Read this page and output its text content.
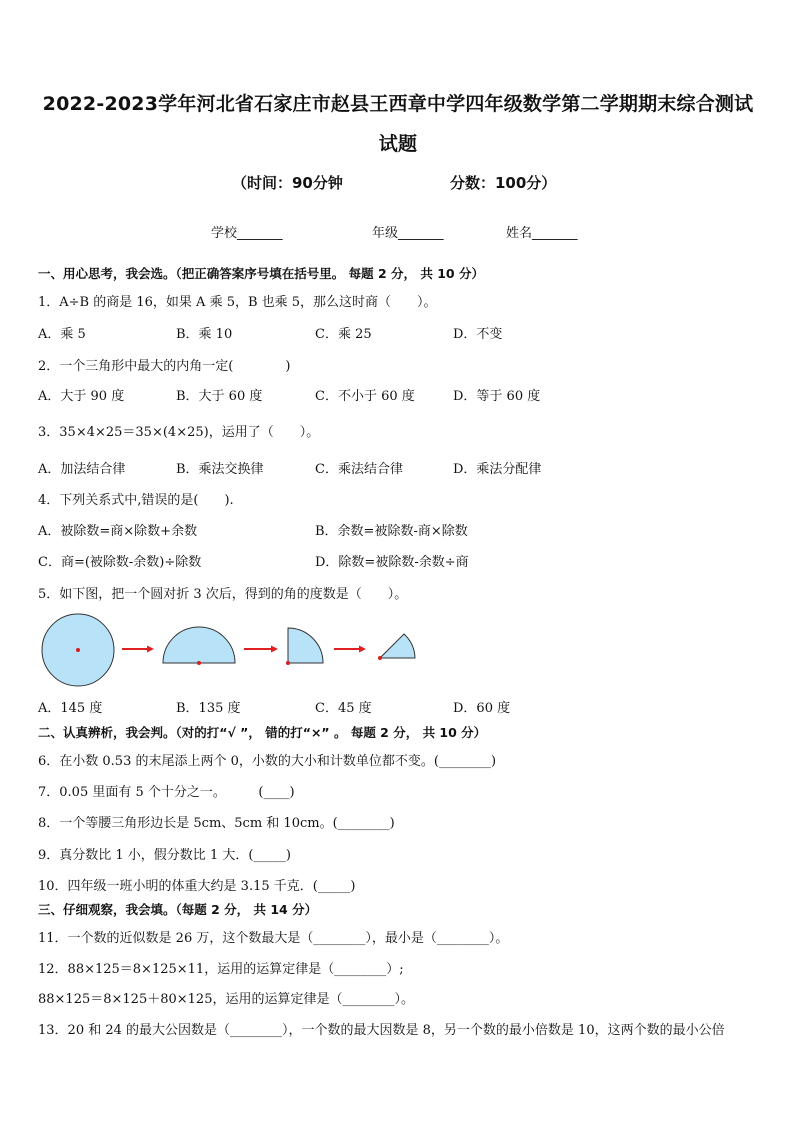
2022-2023学年河北省石家庄市赵县王西章中学四年级数学第二学期期末综合测试试题
（时间：90分钟	分数：100分）
学校_______	年级_______	姓名_______
一、用心思考，我会选。（把正确答案序号填在括号里。 每题 2 分， 共 10 分）
1．A÷B 的商是 16，如果 A 乘 5，B 也乘 5，那么这时商（　　）。
A．乘 5	B．乘 10	C．乘 25	D．不变
2．一个三角形中最大的内角一定(　　　　)
A．大于 90 度	B．大于 60 度	C．不小于 60 度	D．等于 60 度
3．35×4×25＝35×(4×25)，运用了（　　）。
A．加法结合律	B．乘法交换律	C．乘法结合律	D．乘法分配律
4．下列关系式中,错误的是(　　).
A．被除数=商×除数+余数	B．余数=被除数-商×除数
C．商=(被除数-余数)÷除数	D．除数=被除数-余数÷商
5．如下图，把一个圆对折 3 次后，得到的角的度数是（　　）。
A．145 度	B．135 度	C．45 度	D．60 度
二、认真辨析，我会判。（对的打“√ ”， 错的打“×” 。 每题 2 分， 共 10 分）
6．在小数 0.53 的末尾添上两个 0，小数的大小和计数单位都不变。(________)
7．0.05 里面有 5 个十分之一。　　　(____)
8．一个等腰三角形边长是 5cm、5cm 和 10cm。(________)
9．真分数比 1 小，假分数比 1 大．(_____)
10．四年级一班小明的体重大约是 3.15 千克．(_____)
三、仔细观察，我会填。（每题 2 分， 共 14 分）
11．一个数的近似数是 26 万，这个数最大是（________），最小是（________）。
12．88×125＝8×125×11，运用的运算定律是（________）;
88×125＝8×125＋80×125，运用的运算定律是（________）。
13．20 和 24 的最大公因数是（________），一个数的最大因数是 8，另一个数的最小倍数是 10，这两个数的最小公倍
